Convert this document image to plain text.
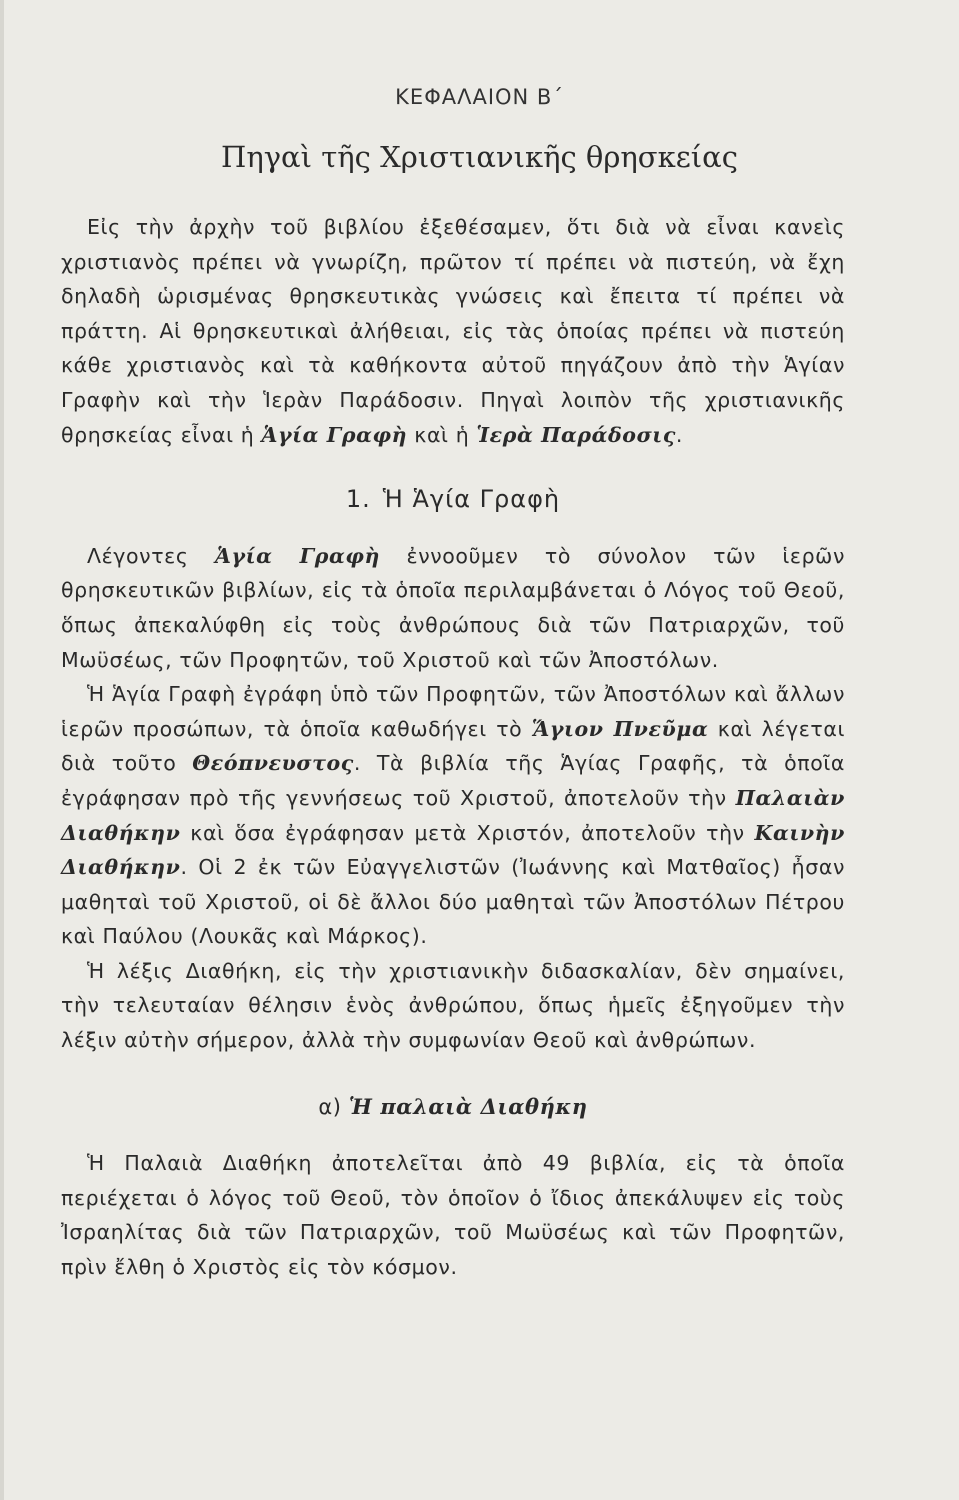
ΚΕΦΑΛΑΙΟΝ Β΄
Πηγαὶ τῆς Χριστιανικῆς θρησκείας

Εἰς τὴν ἀρχὴν τοῦ βιβλίου ἐξεθέσαμεν, ὅτι διὰ νὰ εἶναι κανεὶς χριστιανὸς πρέπει νὰ γνωρίζη, πρῶτον τί πρέπει νὰ πιστεύη, νὰ ἔχη δηλαδὴ ὡρισμένας θρησκευτικὰς γνώσεις καὶ ἔπειτα τί πρέπει νὰ πράττη. Αἱ θρησκευτικαὶ ἀλήθειαι, εἰς τὰς ὁποίας πρέπει νὰ πιστεύη κάθε χριστιανὸς καὶ τὰ καθήκοντα αὐτοῦ πηγάζουν ἀπὸ τὴν Ἁγίαν Γραφὴν καὶ τὴν Ἱερὰν Παράδοσιν. Πηγαὶ λοιπὸν τῆς χριστιανικῆς θρησκείας εἶναι ἡ Ἁγία Γραφὴ καὶ ἡ Ἱερὰ Παράδοσις.

1. Ἡ Ἁγία Γραφὴ

Λέγοντες Ἁγία Γραφὴ ἐννοοῦμεν τὸ σύνολον τῶν ἱερῶν θρησκευτικῶν βιβλίων, εἰς τὰ ὁποῖα περιλαμβάνεται ὁ Λόγος τοῦ Θεοῦ, ὅπως ἀπεκαλύφθη εἰς τοὺς ἀνθρώπους διὰ τῶν Πατριαρχῶν, τοῦ Μωϋσέως, τῶν Προφητῶν, τοῦ Χριστοῦ καὶ τῶν Ἀποστόλων.

Ἡ Ἁγία Γραφὴ ἐγράφη ὑπὸ τῶν Προφητῶν, τῶν Ἀποστόλων καὶ ἄλλων ἱερῶν προσώπων, τὰ ὁποῖα καθωδήγει τὸ Ἅγιον Πνεῦμα καὶ λέγεται διὰ τοῦτο Θεόπνευστος. Τὰ βιβλία τῆς Ἁγίας Γραφῆς, τὰ ὁποῖα ἐγράφησαν πρὸ τῆς γεννήσεως τοῦ Χριστοῦ, ἀποτελοῦν τὴν Παλαιὰν Διαθήκην καὶ ὅσα ἐγράφησαν μετὰ Χριστόν, ἀποτελοῦν τὴν Καινὴν Διαθήκην. Οἱ 2 ἐκ τῶν Εὐαγγελιστῶν (Ἰωάννης καὶ Ματθαῖος) ἦσαν μαθηταὶ τοῦ Χριστοῦ, οἱ δὲ ἄλλοι δύο μαθηταὶ τῶν Ἀποστόλων Πέτρου καὶ Παύλου (Λουκᾶς καὶ Μάρκος).

Ἡ λέξις Διαθήκη, εἰς τὴν χριστιανικὴν διδασκαλίαν, δὲν σημαίνει, τὴν τελευταίαν θέλησιν ἑνὸς ἀνθρώπου, ὅπως ἡμεῖς ἐξηγοῦμεν τὴν λέξιν αὐτὴν σήμερον, ἀλλὰ τὴν συμφωνίαν Θεοῦ καὶ ἀνθρώπων.

α) Ἡ παλαιὰ Διαθήκη

Ἡ Παλαιὰ Διαθήκη ἀποτελεῖται ἀπὸ 49 βιβλία, εἰς τὰ ὁποῖα περιέχεται ὁ λόγος τοῦ Θεοῦ, τὸν ὁποῖον ὁ ἴδιος ἀπεκάλυψεν εἰς τοὺς Ἰσραηλίτας διὰ τῶν Πατριαρχῶν, τοῦ Μωϋσέως καὶ τῶν Προφητῶν, πρὶν ἔλθη ὁ Χριστὸς εἰς τὸν κόσμον.
